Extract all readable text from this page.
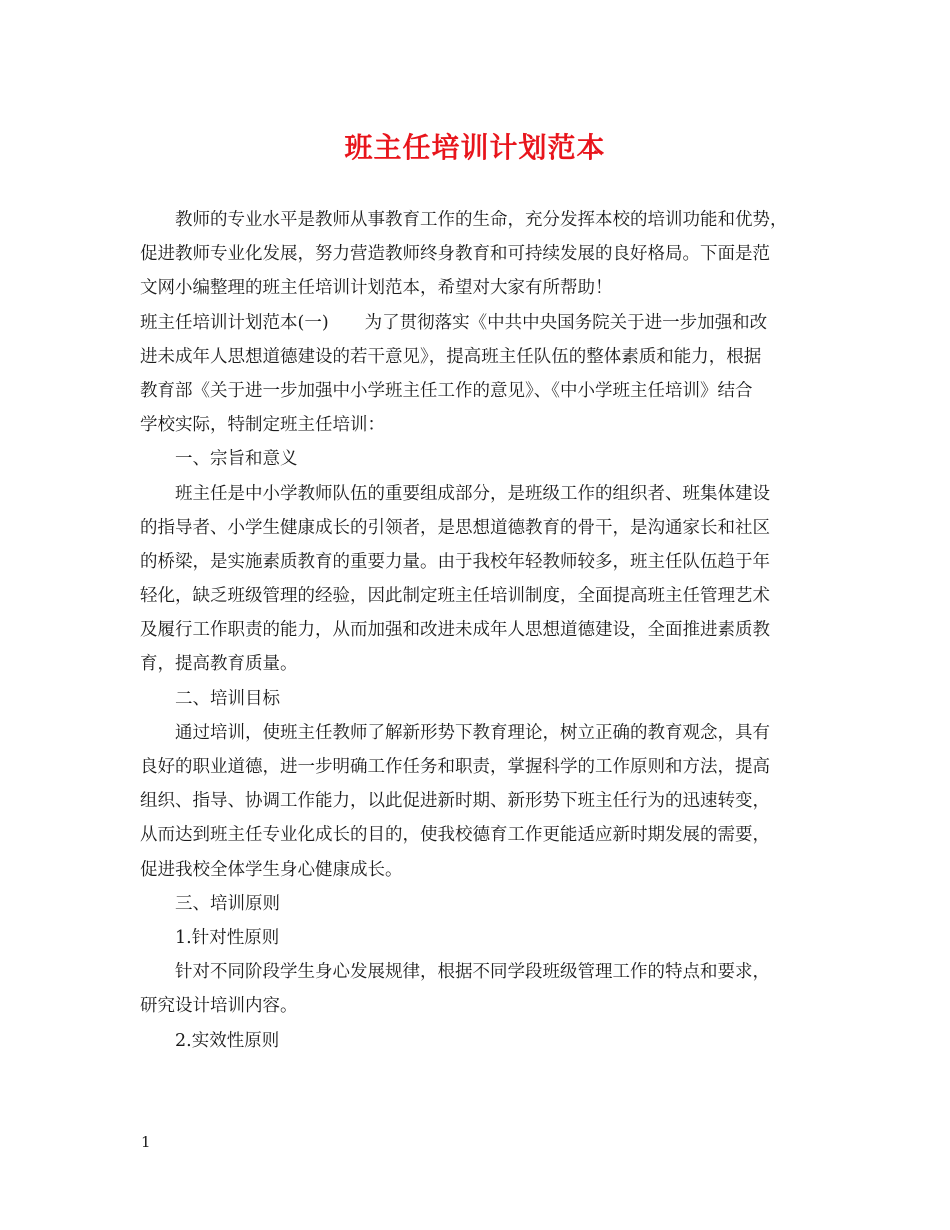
班主任培训计划范本
教师的专业水平是教师从事教育工作的生命，充分发挥本校的培训功能和优势，
促进教师专业化发展，努力营造教师终身教育和可持续发展的良好格局。下面是范
文网小编整理的班主任培训计划范本，希望对大家有所帮助！
班主任培训计划范本(一) 为了贯彻落实《中共中央国务院关于进一步加强和改
进未成年人思想道德建设的若干意见》，提高班主任队伍的整体素质和能力，根据
教育部《关于进一步加强中小学班主任工作的意见》、《中小学班主任培训》结合
学校实际，特制定班主任培训：
一、宗旨和意义
班主任是中小学教师队伍的重要组成部分，是班级工作的组织者、班集体建设
的指导者、小学生健康成长的引领者，是思想道德教育的骨干，是沟通家长和社区
的桥梁，是实施素质教育的重要力量。由于我校年轻教师较多，班主任队伍趋于年
轻化，缺乏班级管理的经验，因此制定班主任培训制度，全面提高班主任管理艺术
及履行工作职责的能力，从而加强和改进未成年人思想道德建设，全面推进素质教
育，提高教育质量。
二、培训目标
通过培训，使班主任教师了解新形势下教育理论，树立正确的教育观念，具有
良好的职业道德，进一步明确工作任务和职责，掌握科学的工作原则和方法，提高
组织、指导、协调工作能力，以此促进新时期、新形势下班主任行为的迅速转变，
从而达到班主任专业化成长的目的，使我校德育工作更能适应新时期发展的需要，
促进我校全体学生身心健康成长。
三、培训原则
1.针对性原则
针对不同阶段学生身心发展规律，根据不同学段班级管理工作的特点和要求，
研究设计培训内容。
2.实效性原则
1
